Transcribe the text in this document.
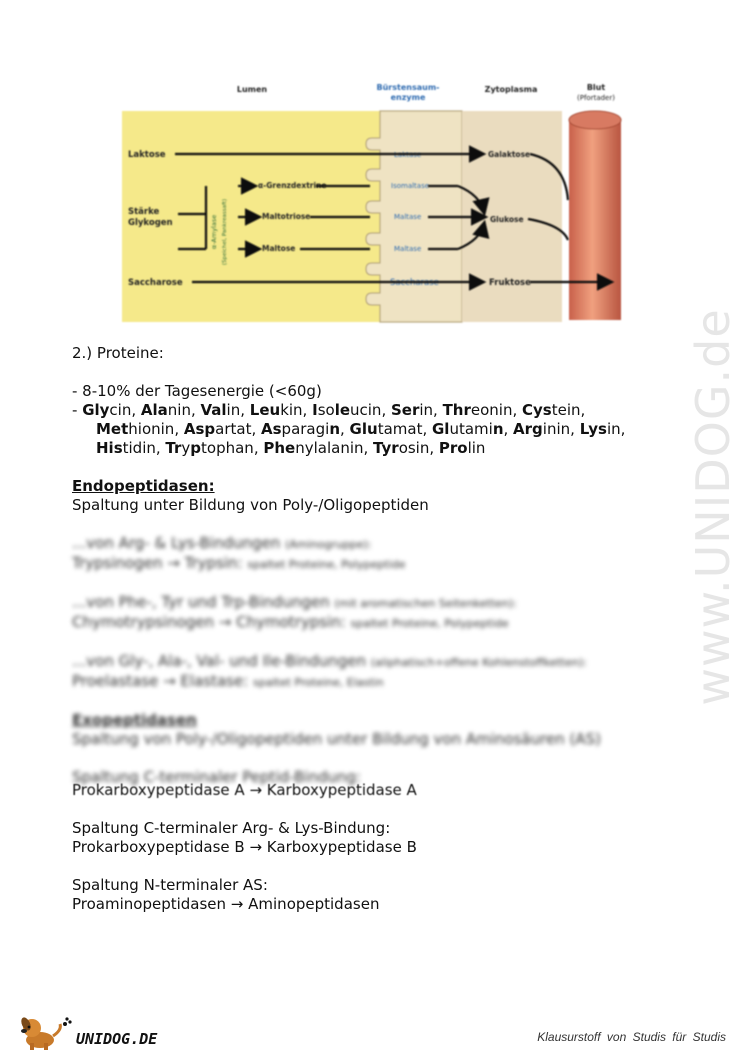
Lumen	Bürstensaum-
enzyme
Zytoplasma	Blut
(Pfortader)
Laktose
Stärke
Glykogen
α-Grenzdextrine
Maltotriose
Maltose
Saccharose
Galaktose
Glukose
Fruktose
α-Amylase (Speichel, Pankreassaft)
Laktase
Isomaltase
Maltase
Maltase
Saccharase
www.UNIDOG.de
2.) Proteine:
- 8-10% der Tagesenergie (<60g)
- Glycin, Alanin, Valin, Leukin, Isoleucin, Serin, Threonin, Cystein,
Methionin, Aspartat, Asparagin, Glutamat, Glutamin, Arginin, Lysin,
Histidin, Tryptophan, Phenylalanin, Tyrosin, Prolin
Endopeptidasen:
Spaltung unter Bildung von Poly-/Oligopeptiden
...von Arg- & Lys-Bindungen (Aminogruppe):
Trypsinogen → Trypsin: spaltet Proteine, Polypeptide
...von Phe-, Tyr und Trp-Bindungen (mit aromatischen Seitenketten):
Chymotrypsinogen → Chymotrypsin: spaltet Proteine, Polypeptide
...von Gly-, Ala-, Val- und Ile-Bindungen (aliphatisch+offene Kohlenstoffketten):
Proelastase → Elastase: spaltet Proteine, Elastin
Exopeptidasen
Spaltung von Poly-/Oligopeptiden unter Bildung von Aminosäuren (AS)
Spaltung C-terminaler Peptid-Bindung:
Prokarboxypeptidase A → Karboxypeptidase A
Spaltung C-terminaler Arg- & Lys-Bindung:
Prokarboxypeptidase B → Karboxypeptidase B
Spaltung N-terminaler AS:
Proaminopeptidasen → Aminopeptidasen
UNIDOG.DE	Klausurstoff von Studis für Studis
